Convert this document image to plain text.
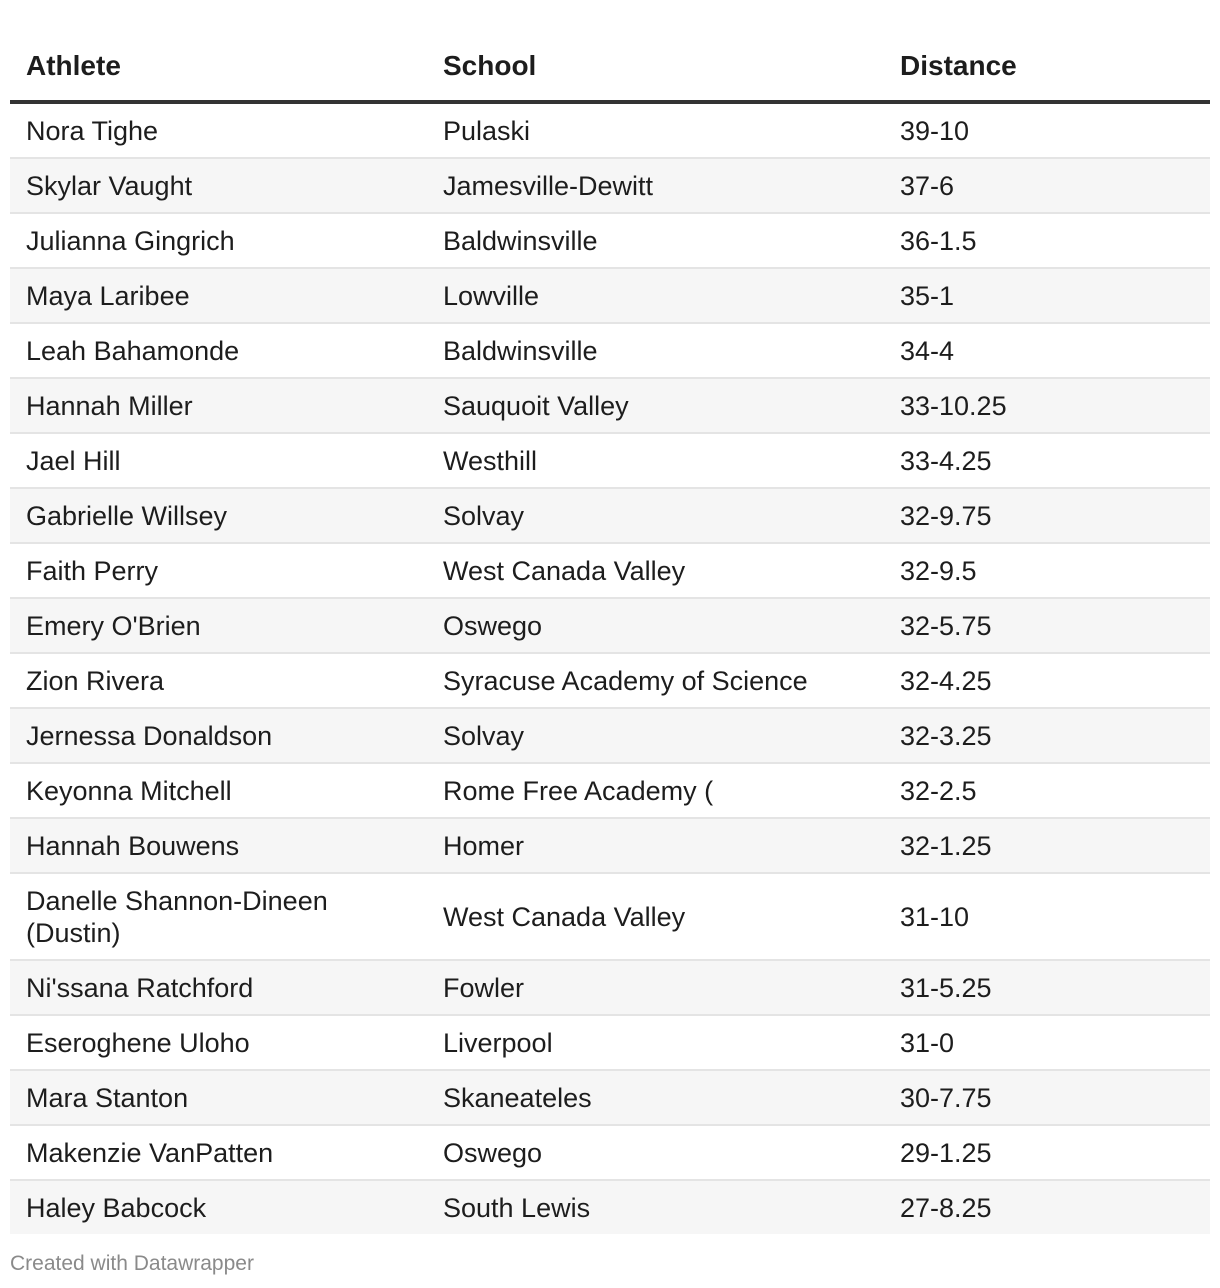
Athlete	School	Distance
Nora Tighe	Pulaski	39-10
Skylar Vaught	Jamesville-Dewitt	37-6
Julianna Gingrich	Baldwinsville	36-1.5
Maya Laribee	Lowville	35-1
Leah Bahamonde	Baldwinsville	34-4
Hannah Miller	Sauquoit Valley	33-10.25
Jael Hill	Westhill	33-4.25
Gabrielle Willsey	Solvay	32-9.75
Faith Perry	West Canada Valley	32-9.5
Emery O'Brien	Oswego	32-5.75
Zion Rivera	Syracuse Academy of Science	32-4.25
Jernessa Donaldson	Solvay	32-3.25
Keyonna Mitchell	Rome Free Academy (	32-2.5
Hannah Bouwens	Homer	32-1.25
Danelle Shannon-Dineen (Dustin)	West Canada Valley	31-10
Ni'ssana Ratchford	Fowler	31-5.25
Eseroghene Uloho	Liverpool	31-0
Mara Stanton	Skaneateles	30-7.75
Makenzie VanPatten	Oswego	29-1.25
Haley Babcock	South Lewis	27-8.25
Created with Datawrapper
